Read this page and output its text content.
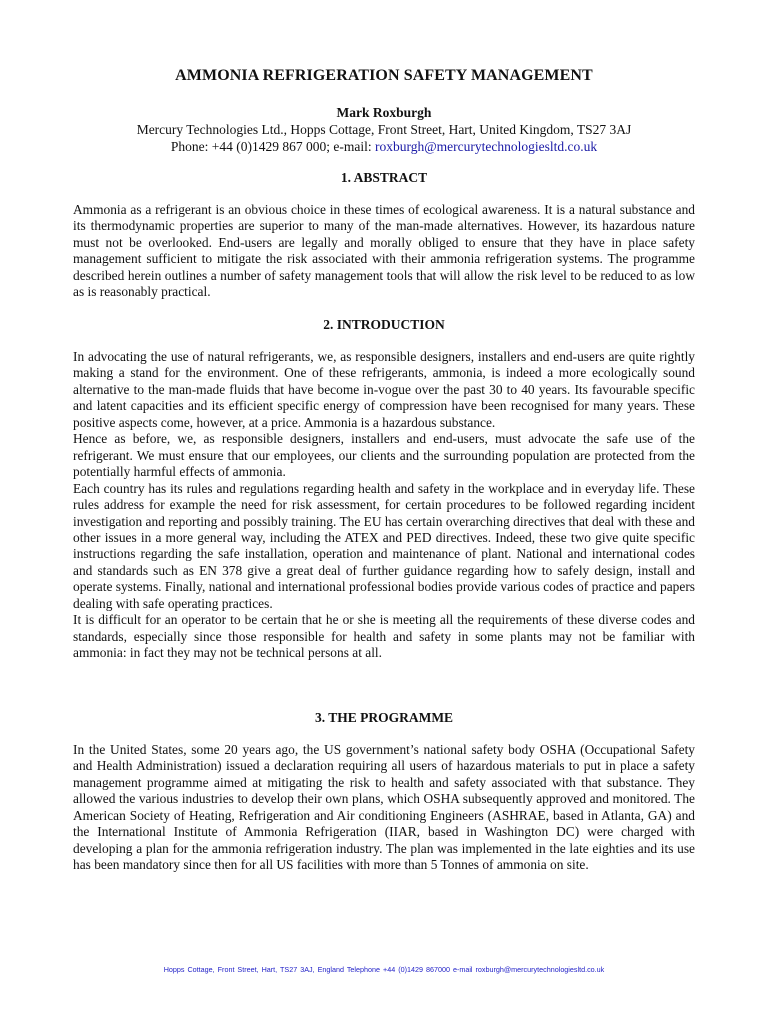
AMMONIA REFRIGERATION SAFETY MANAGEMENT
Mark Roxburgh
Mercury Technologies Ltd., Hopps Cottage, Front Street, Hart, United Kingdom, TS27 3AJ
Phone: +44 (0)1429 867 000; e-mail: roxburgh@mercurytechnologiesltd.co.uk
1. ABSTRACT

Ammonia as a refrigerant is an obvious choice in these times of ecological awareness. It is a natural substance and its thermodynamic properties are superior to many of the man-made alternatives. However, its hazardous nature must not be overlooked. End-users are legally and morally obliged to ensure that they have in place safety management sufficient to mitigate the risk associated with their ammonia refrigeration systems. The programme described herein outlines a number of safety management tools that will allow the risk level to be reduced to as low as is reasonably practical.

2. INTRODUCTION

In advocating the use of natural refrigerants, we, as responsible designers, installers and end-users are quite rightly making a stand for the environment. One of these refrigerants, ammonia, is indeed a more ecologically sound alternative to the man-made fluids that have become in-vogue over the past 30 to 40 years. Its favourable specific and latent capacities and its efficient specific energy of compression have been recognised for many years. These positive aspects come, however, at a price. Ammonia is a hazardous substance.

Hence as before, we, as responsible designers, installers and end-users, must advocate the safe use of the refrigerant. We must ensure that our employees, our clients and the surrounding population are protected from the potentially harmful effects of ammonia.

Each country has its rules and regulations regarding health and safety in the workplace and in everyday life. These rules address for example the need for risk assessment, for certain procedures to be followed regarding incident investigation and reporting and possibly training. The EU has certain overarching directives that deal with these and other issues in a more general way, including the ATEX and PED directives. Indeed, these two give quite specific instructions regarding the safe installation, operation and maintenance of plant. National and international codes and standards such as EN 378 give a great deal of further guidance regarding how to safely design, install and operate systems. Finally, national and international professional bodies provide various codes of practice and papers dealing with safe operating practices.

It is difficult for an operator to be certain that he or she is meeting all the requirements of these diverse codes and standards, especially since those responsible for health and safety in some plants may not be familiar with ammonia: in fact they may not be technical persons at all.

3. THE PROGRAMME

In the United States, some 20 years ago, the US government’s national safety body OSHA (Occupational Safety and Health Administration) issued a declaration requiring all users of hazardous materials to put in place a safety management programme aimed at mitigating the risk to health and safety associated with that substance. They allowed the various industries to develop their own plans, which OSHA subsequently approved and monitored. The American Society of Heating, Refrigeration and Air conditioning Engineers (ASHRAE, based in Atlanta, GA) and the International Institute of Ammonia Refrigeration (IIAR, based in Washington DC) were charged with developing a plan for the ammonia refrigeration industry. The plan was implemented in the late eighties and its use has been mandatory since then for all US facilities with more than 5 Tonnes of ammonia on site.

Hopps Cottage, Front Street, Hart, TS27 3AJ, England Telephone +44 (0)1429 867000 e-mail roxburgh@mercurytechnologiesltd.co.uk
